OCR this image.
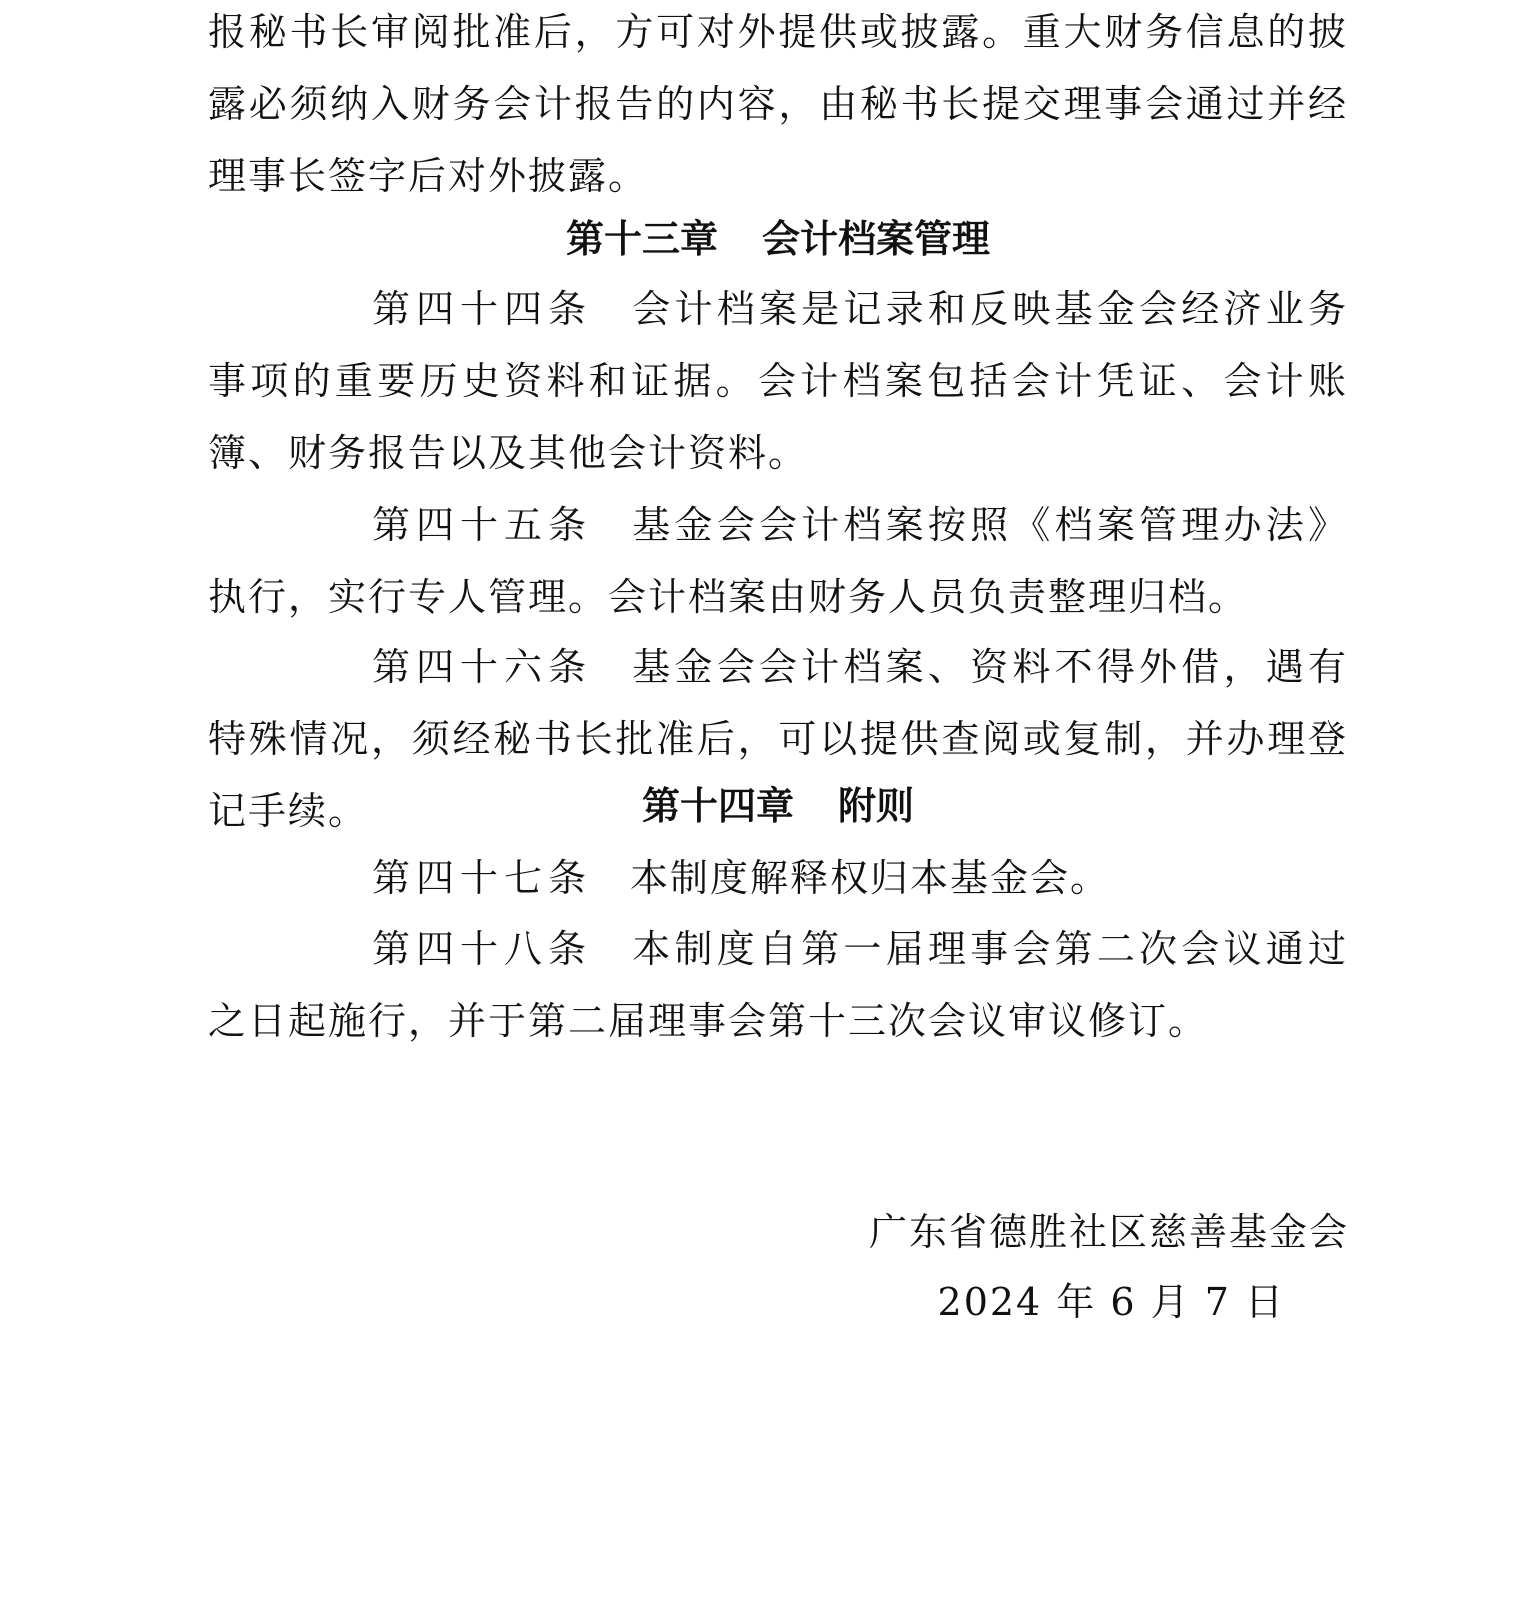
报秘书长审阅批准后，方可对外提供或披露。重大财务信息的披露必须纳入财务会计报告的内容，由秘书长提交理事会通过并经理事长签字后对外披露。

第十三章 会计档案管理

第四十四条 会计档案是记录和反映基金会经济业务事项的重要历史资料和证据。会计档案包括会计凭证、会计账簿、财务报告以及其他会计资料。

第四十五条 基金会会计档案按照《档案管理办法》执行，实行专人管理。会计档案由财务人员负责整理归档。

第四十六条 基金会会计档案、资料不得外借，遇有特殊情况，须经秘书长批准后，可以提供查阅或复制，并办理登记手续。	第十四章 附则

第四十七条 本制度解释权归本基金会。

第四十八条 本制度自第一届理事会第二次会议通过之日起施行，并于第二届理事会第十三次会议审议修订。

广东省德胜社区慈善基金会

2024 年 6 月 7 日
